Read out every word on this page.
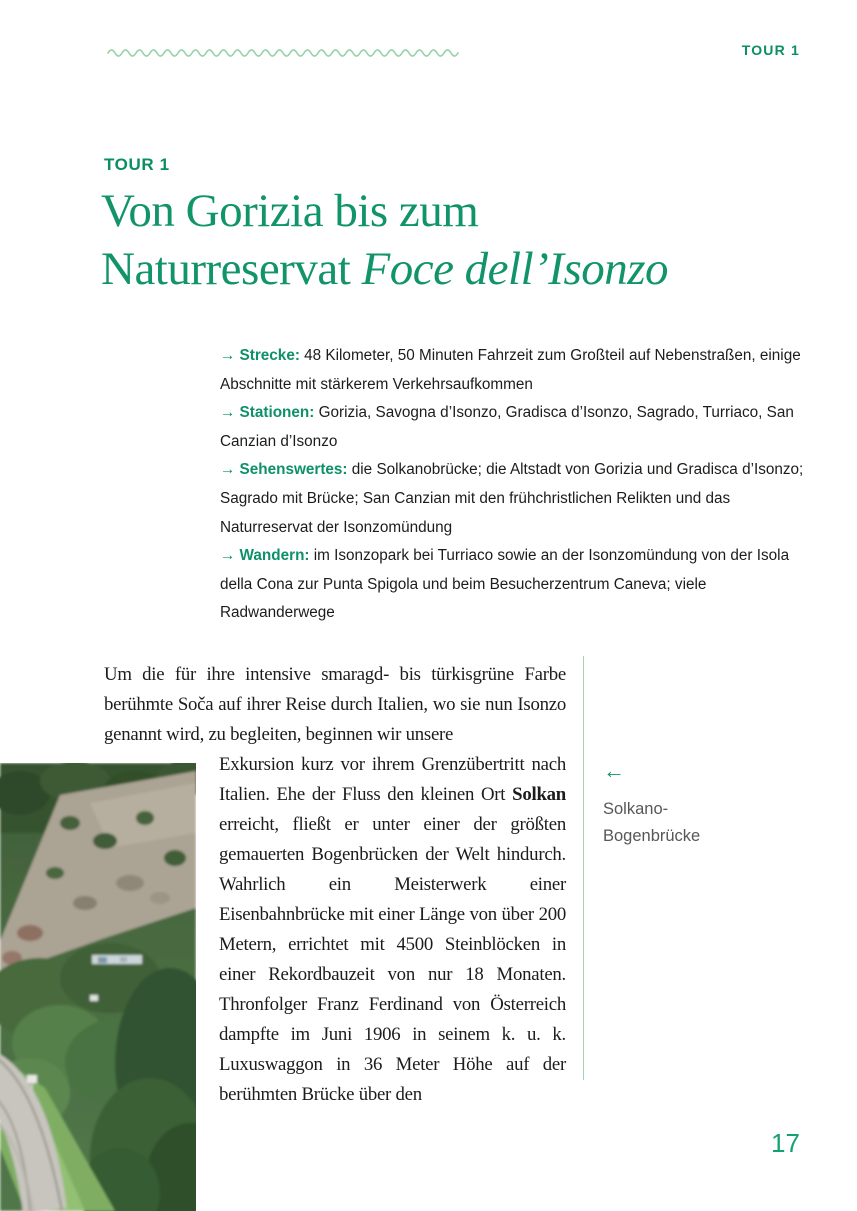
TOUR 1
TOUR 1
Von Gorizia bis zum
Naturreservat Foce dell’Isonzo
→ Strecke: 48 Kilometer, 50 Minuten Fahrzeit zum Großteil auf Nebenstraßen, einige Abschnitte mit stärkerem Verkehrsaufkommen
→ Stationen: Gorizia, Savogna d’Isonzo, Gradisca d’Isonzo, Sagrado, Turriaco, San Canzian d’Isonzo
→ Sehenswertes: die Solkanobrücke; die Altstadt von Gorizia und Gradisca d’Isonzo; Sagrado mit Brücke; San Canzian mit den frühchristlichen Relikten und das Naturreservat der Isonzomündung
→ Wandern: im Isonzopark bei Turriaco sowie an der Isonzomündung von der Isola della Cona zur Punta Spigola und beim Besucherzentrum Caneva; viele Radwanderwege
Um die für ihre intensive smaragd- bis türkisgrüne Farbe berühmte Soča auf ihrer Reise durch Italien, wo sie nun Isonzo genannt wird, zu begleiten, beginnen wir unsere
Exkursion kurz vor ihrem Grenzübertritt nach Italien. Ehe der Fluss den kleinen Ort Solkan erreicht, fließt er unter einer der größten gemauerten Bogenbrücken der Welt hindurch. Wahrlich ein Meisterwerk einer Eisenbahnbrücke mit einer Länge von über 200 Metern, errichtet mit 4500 Steinblöcken in einer Rekordbauzeit von nur 18 Monaten. Thronfolger Franz Ferdinand von Österreich dampfte im Juni 1906 in seinem k. u. k. Luxuswaggon in 36 Meter Höhe auf der berühmten Brücke über den
←
Solkano-
Bogenbrücke
17
